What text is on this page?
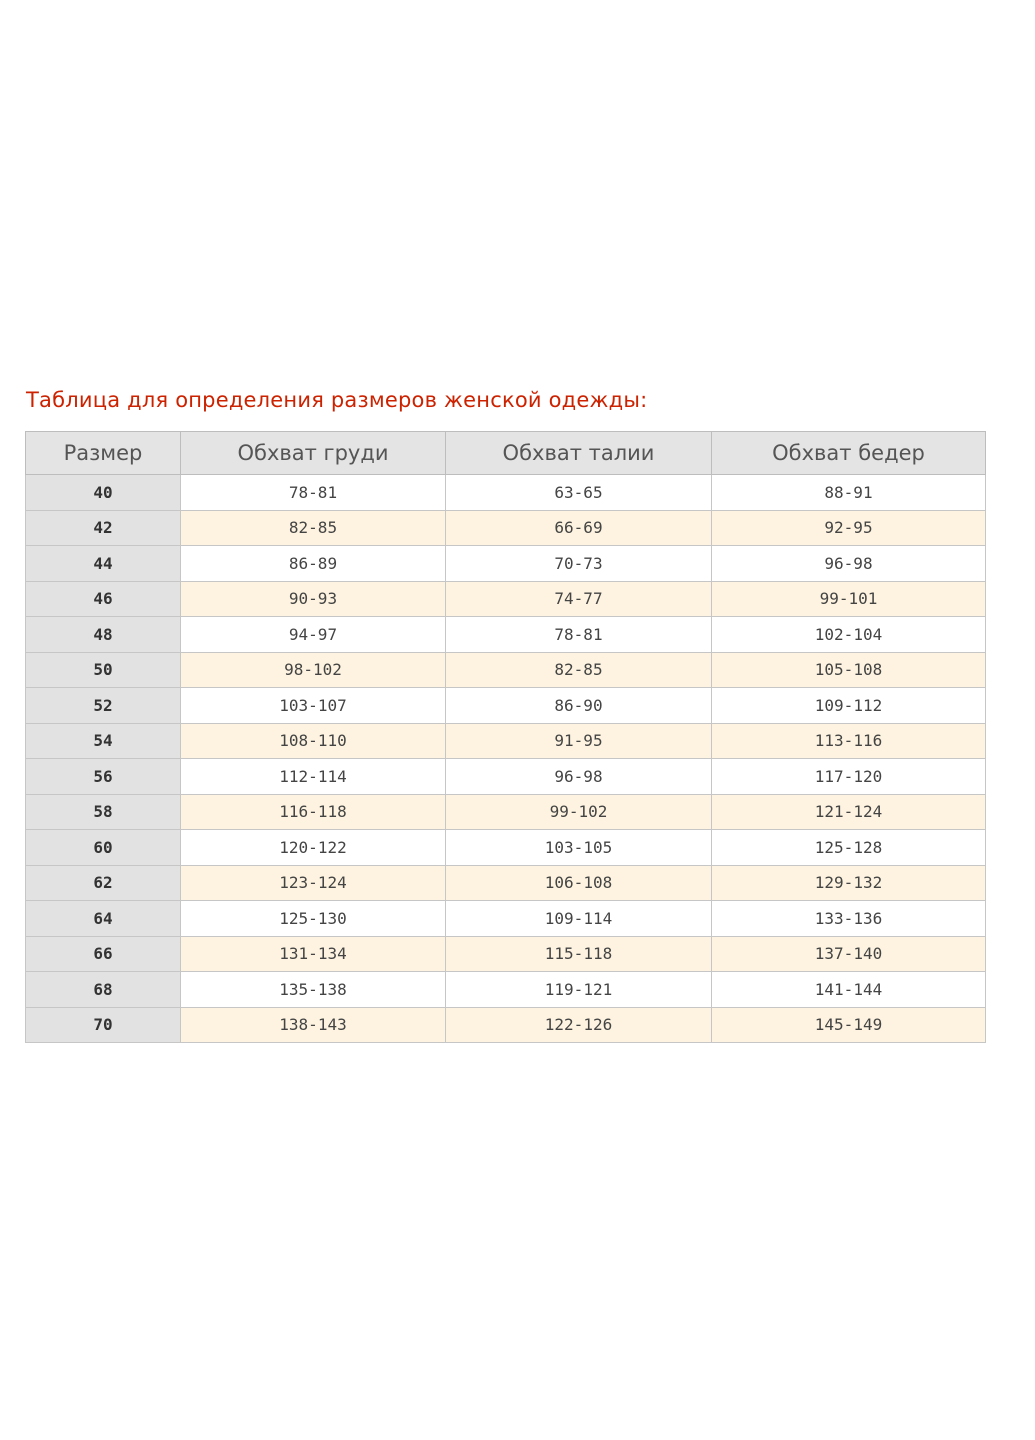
Таблица для определения размеров женской одежды:
Размер	Обхват груди	Обхват талии	Обхват бедер
40	78-81	63-65	88-91
42	82-85	66-69	92-95
44	86-89	70-73	96-98
46	90-93	74-77	99-101
48	94-97	78-81	102-104
50	98-102	82-85	105-108
52	103-107	86-90	109-112
54	108-110	91-95	113-116
56	112-114	96-98	117-120
58	116-118	99-102	121-124
60	120-122	103-105	125-128
62	123-124	106-108	129-132
64	125-130	109-114	133-136
66	131-134	115-118	137-140
68	135-138	119-121	141-144
70	138-143	122-126	145-149
